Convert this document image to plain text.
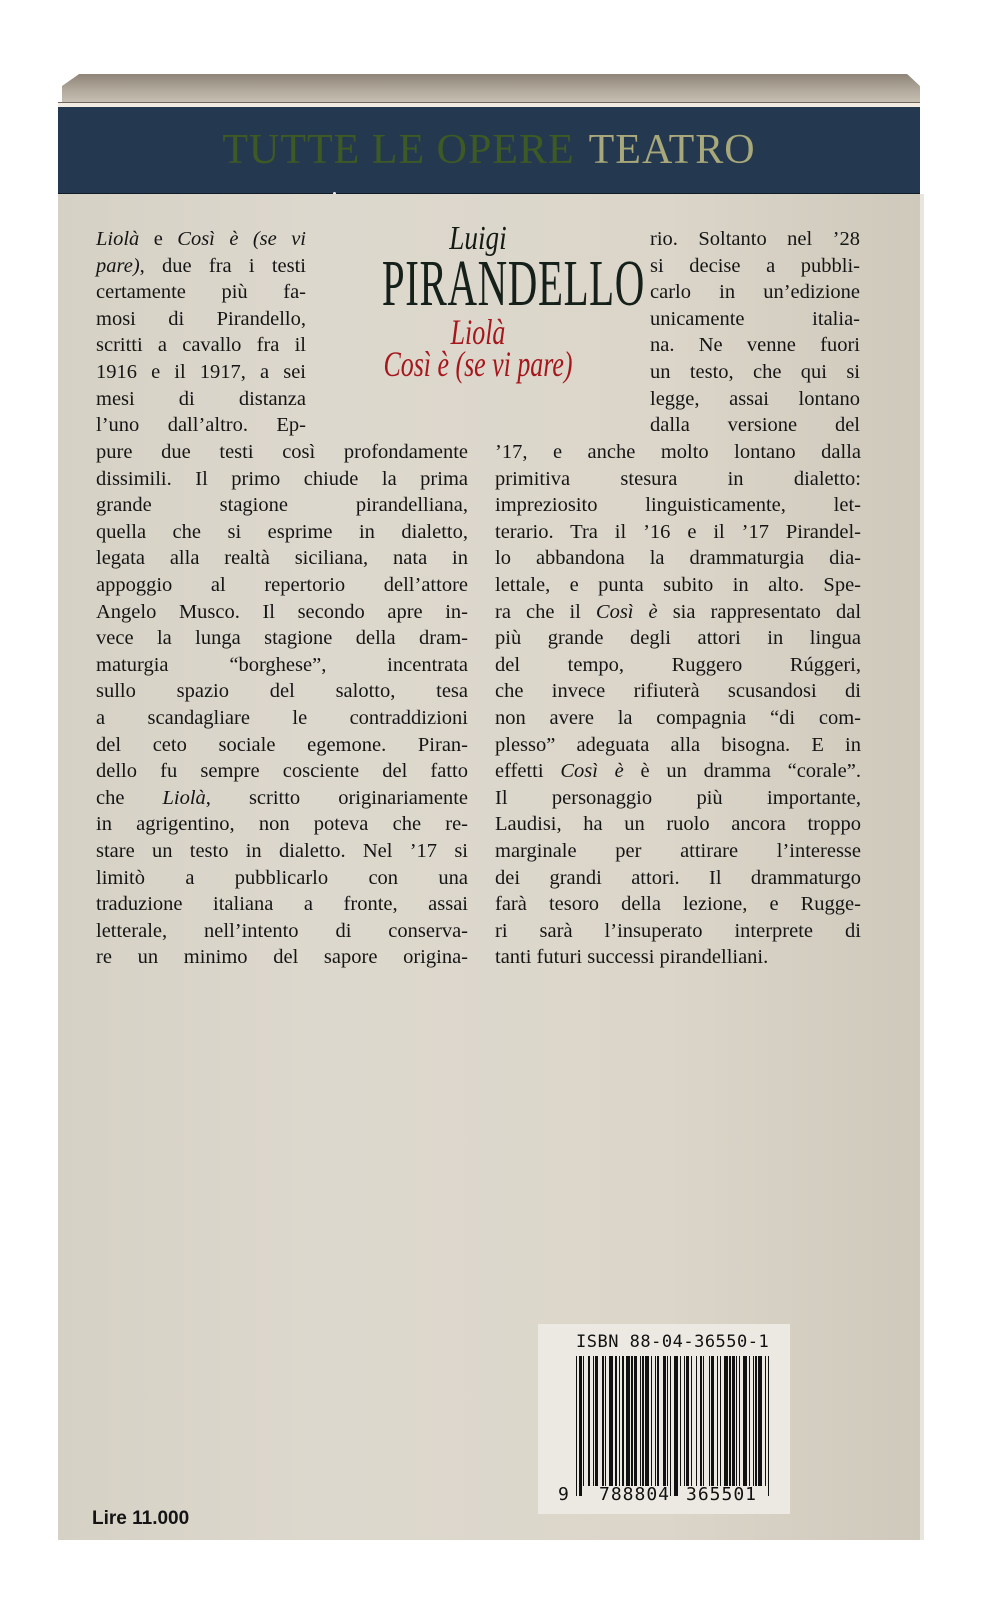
TUTTE LE OPERE TEATRO
Liolà e Così è (se vi
pare), due fra i testi
certamente più fa-
mosi di Pirandello,
scritti a cavallo fra il
1916 e il 1917, a sei
mesi di distanza
l’uno dall’altro. Ep-
Luigi
PIRANDELLO
Liolà
Così è (se vi pare)
rio. Soltanto nel ’28
si decise a pubbli-
carlo in un’edizione
unicamente italia-
na. Ne venne fuori
un testo, che qui si
legge, assai lontano
dalla versione del
pure due testi così profondamente
dissimili. Il primo chiude la prima
grande stagione pirandelliana,
quella che si esprime in dialetto,
legata alla realtà siciliana, nata in
appoggio al repertorio dell’attore
Angelo Musco. Il secondo apre in-
vece la lunga stagione della dram-
maturgia “borghese”, incentrata
sullo spazio del salotto, tesa
a scandagliare le contraddizioni
del ceto sociale egemone. Piran-
dello fu sempre cosciente del fatto
che Liolà, scritto originariamente
in agrigentino, non poteva che re-
stare un testo in dialetto. Nel ’17 si
limitò a pubblicarlo con una
traduzione italiana a fronte, assai
letterale, nell’intento di conserva-
re un minimo del sapore origina-
’17, e anche molto lontano dalla
primitiva stesura in dialetto:
impreziosito linguisticamente, let-
terario. Tra il ’16 e il ’17 Pirandel-
lo abbandona la drammaturgia dia-
lettale, e punta subito in alto. Spe-
ra che il Così è sia rappresentato dal
più grande degli attori in lingua
del tempo, Ruggero Rúggeri,
che invece rifiuterà scusandosi di
non avere la compagnia “di com-
plesso” adeguata alla bisogna. E in
effetti Così è è un dramma “corale”.
Il personaggio più importante,
Laudisi, ha un ruolo ancora troppo
marginale per attirare l’interesse
dei grandi attori. Il drammaturgo
farà tesoro della lezione, e Rugge-
ri sarà l’insuperato interprete di
tanti futuri successi pirandelliani.
ISBN 88-04-36550-1
9 788804 365501
Lire 11.000
